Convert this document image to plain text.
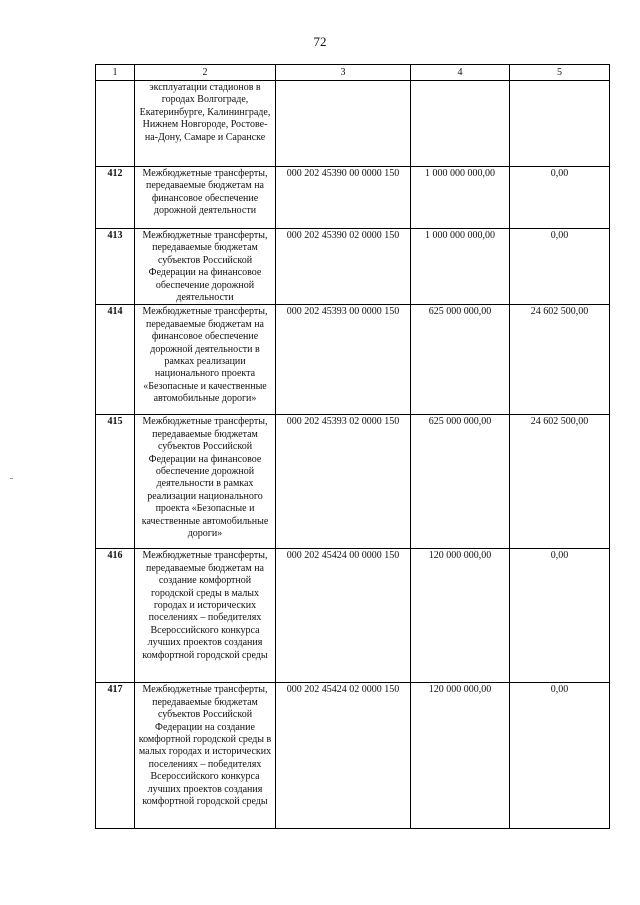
72
1	2	3	4	5
	эксплуатации стадионов в городах Волгограде, Екатеринбурге, Калининграде, Нижнем Новгороде, Ростове-на-Дону, Самаре и Саранске			
412	Межбюджетные трансферты, передаваемые бюджетам на финансовое обеспечение дорожной деятельности	000 202 45390 00 0000 150	1 000 000 000,00	0,00
413	Межбюджетные трансферты, передаваемые бюджетам субъектов Российской Федерации на финансовое обеспечение дорожной деятельности	000 202 45390 02 0000 150	1 000 000 000,00	0,00
414	Межбюджетные трансферты, передаваемые бюджетам на финансовое обеспечение дорожной деятельности в рамках реализации национального проекта «Безопасные и качественные автомобильные дороги»	000 202 45393 00 0000 150	625 000 000,00	24 602 500,00
415	Межбюджетные трансферты, передаваемые бюджетам субъектов Российской Федерации на финансовое обеспечение дорожной деятельности в рамках реализации национального проекта «Безопасные и качественные автомобильные дороги»	000 202 45393 02 0000 150	625 000 000,00	24 602 500,00
416	Межбюджетные трансферты, передаваемые бюджетам на создание комфортной городской среды в малых городах и исторических поселениях – победителях Всероссийского конкурса лучших проектов создания комфортной городской среды	000 202 45424 00 0000 150	120 000 000,00	0,00
417	Межбюджетные трансферты, передаваемые бюджетам субъектов Российской Федерации на создание комфортной городской среды в малых городах и исторических поселениях – победителях Всероссийского конкурса лучших проектов создания комфортной городской среды	000 202 45424 02 0000 150	120 000 000,00	0,00
